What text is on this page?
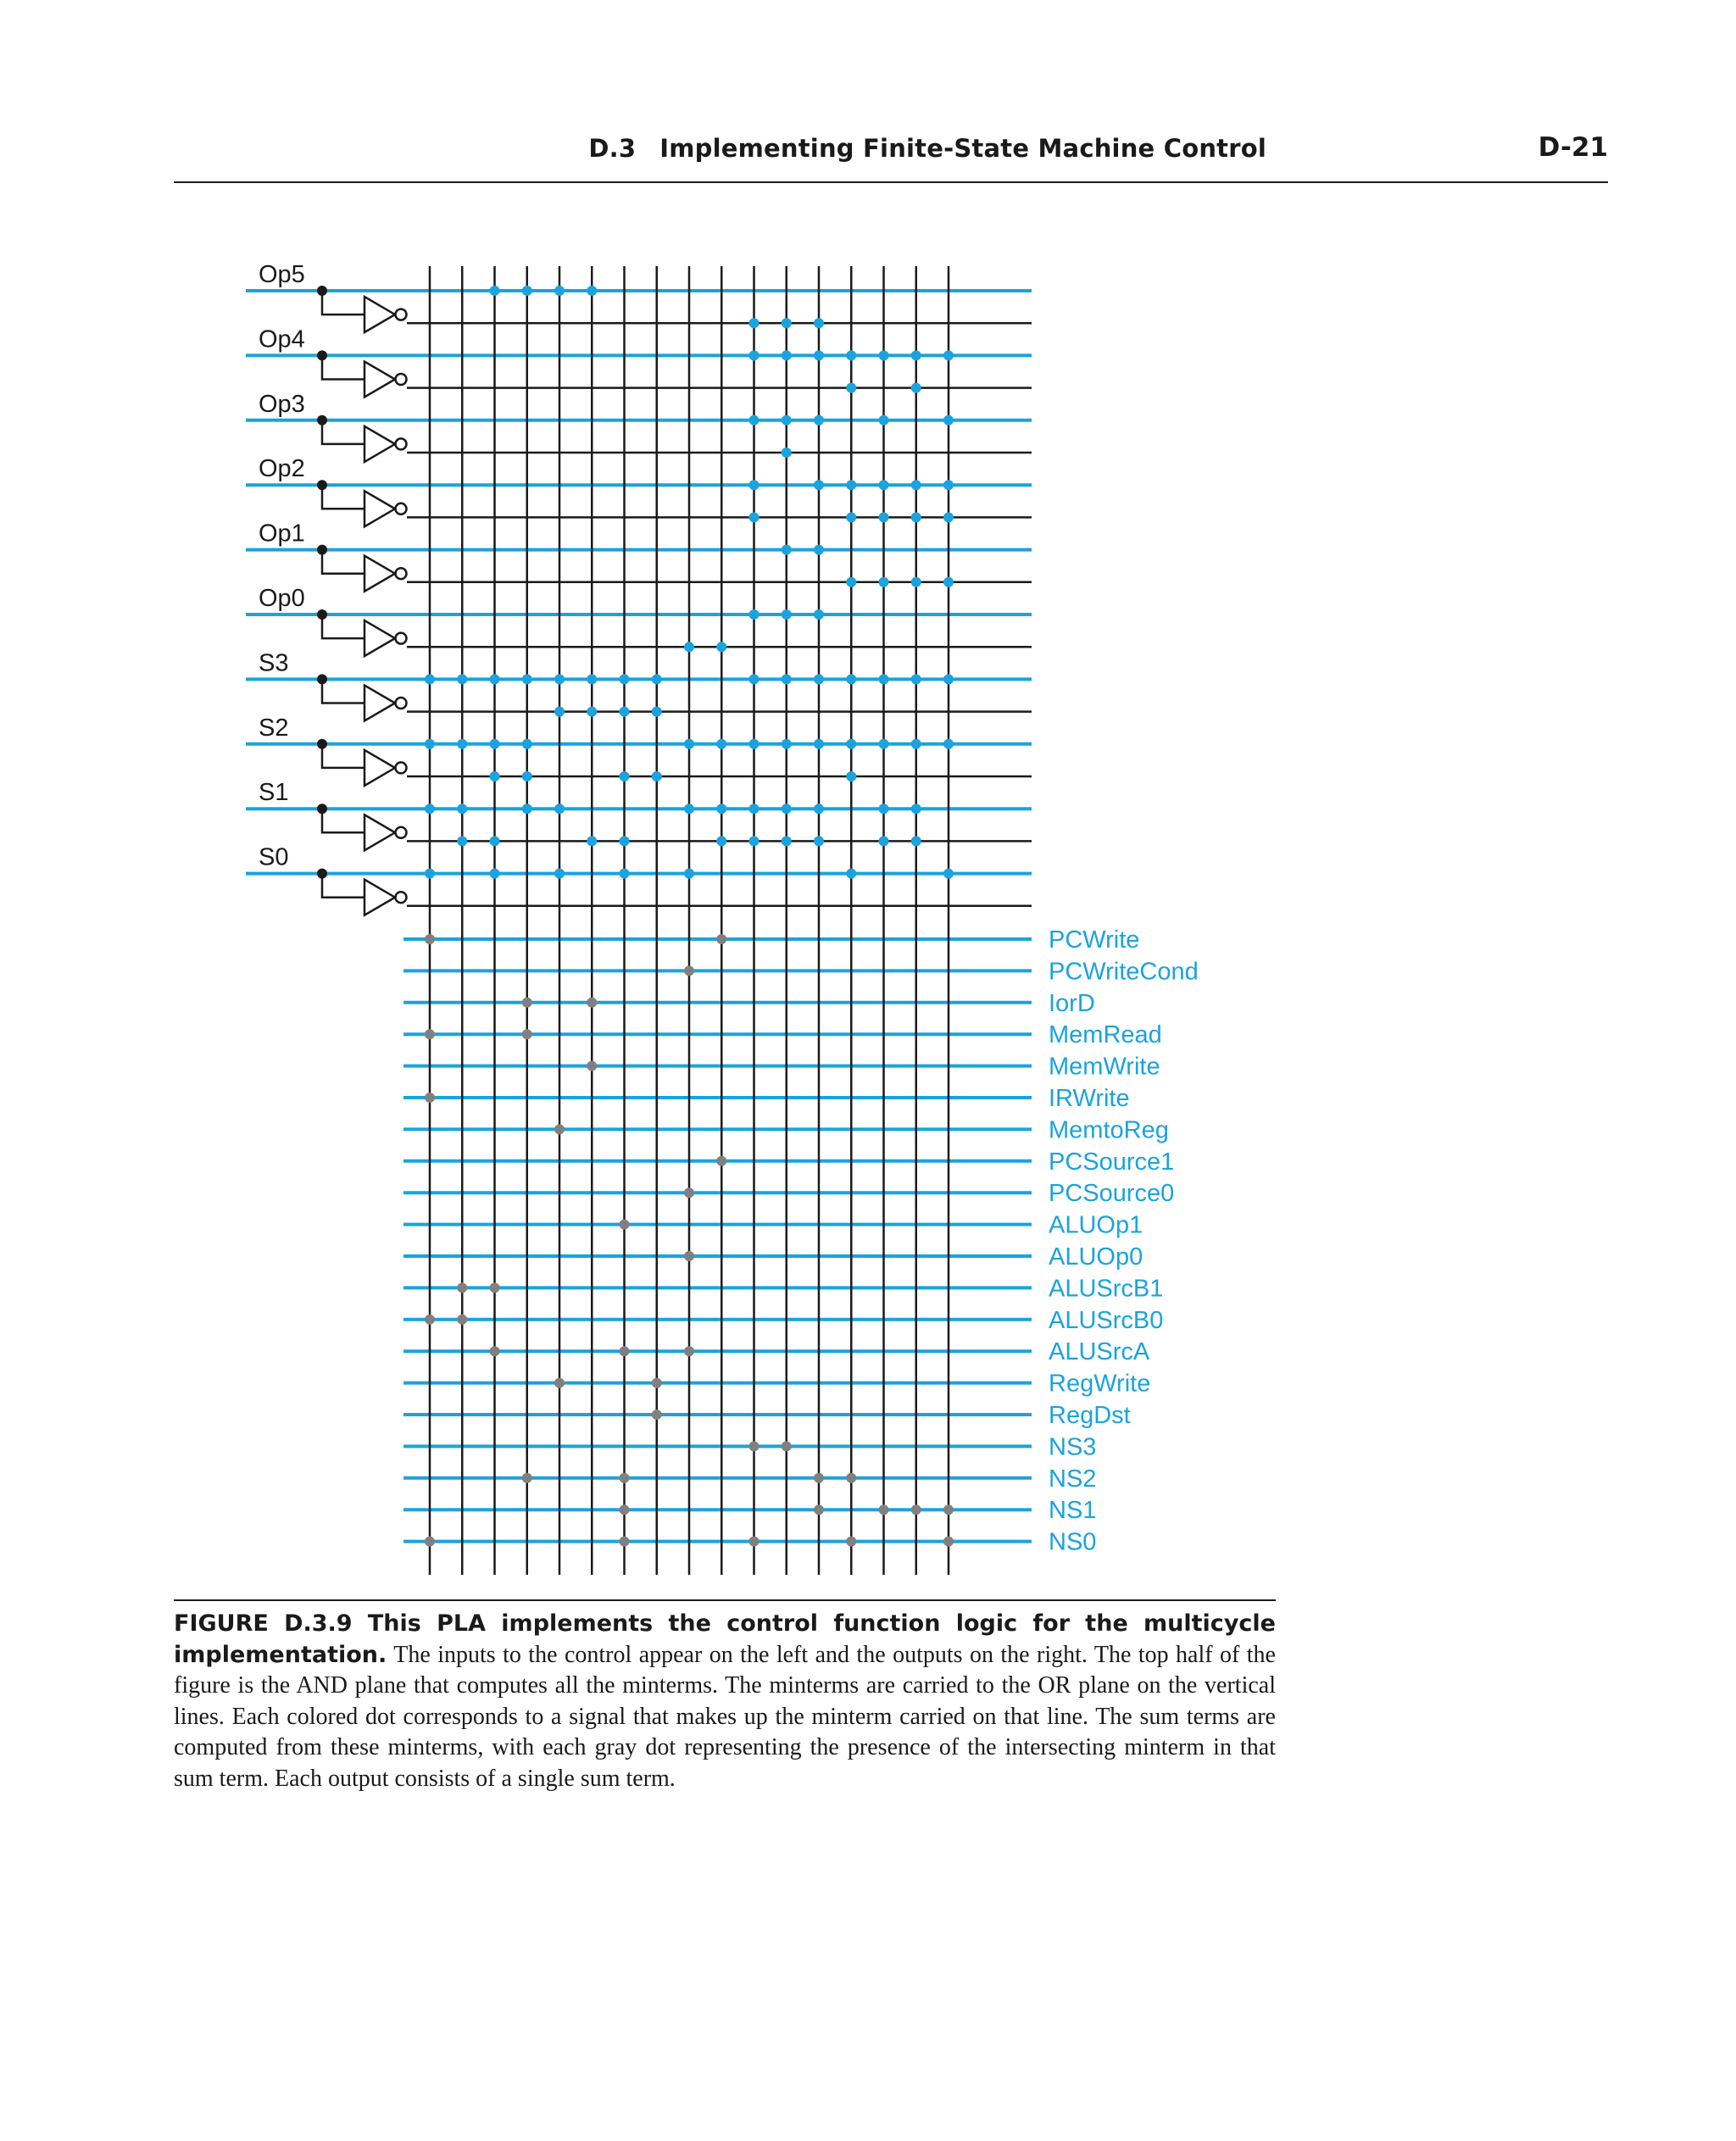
D.3 Implementing Finite-State Machine Control	D-21
Op5
Op4
Op3
Op2
Op1
Op0
S3
S2
S1
S0
PCWrite
PCWriteCond
IorD
MemRead
MemWrite
IRWrite
MemtoReg
PCSource1
PCSource0
ALUOp1
ALUOp0
ALUSrcB1
ALUSrcB0
ALUSrcA
RegWrite
RegDst
NS3
NS2
NS1
NS0
FIGURE D.3.9 This PLA implements the control function logic for the multicycle implementation. The inputs to the control appear on the left and the outputs on the right. The top half of the figure is the AND plane that computes all the minterms. The minterms are carried to the OR plane on the vertical lines. Each colored dot corresponds to a signal that makes up the minterm carried on that line. The sum terms are computed from these minterms, with each gray dot representing the presence of the intersecting minterm in that sum term. Each output consists of a single sum term.
